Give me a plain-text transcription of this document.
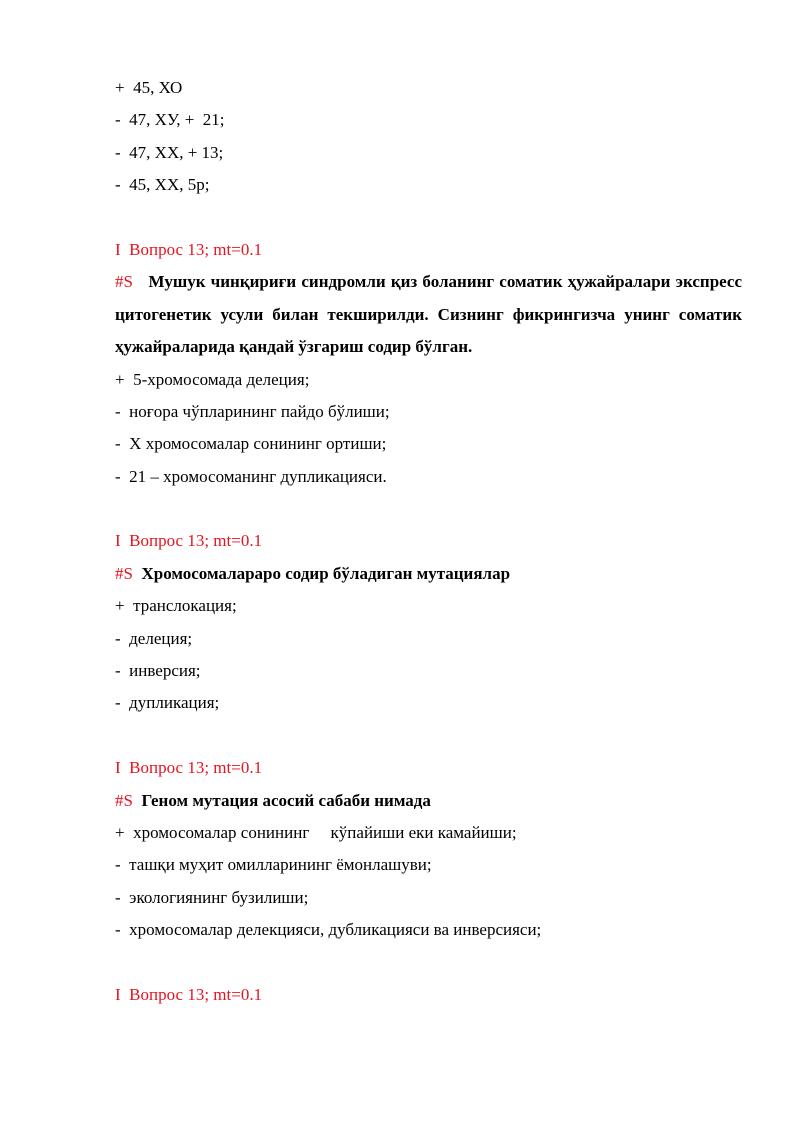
+  45, ХО
-  47, ХУ, +  21;
-  47, ХХ, + 13;
-  45, ХХ, 5р;
I  Вопрос 13; mt=0.1
#S Мушук чинқириғи синдромли қиз боланинг соматик ҳужайралари экспресс цитогенетик усули билан текширилди. Сизнинг фикрингизча унинг соматик ҳужайраларида қандай ўзгариш содир бўлган.
+  5-хромосомада делеция;
-  ноғора чўпларининг пайдо бўлиши;
-  Х хромосомалар сонининг ортиши;
-  21 – хромосоманинг дупликацияси.
I  Вопрос 13; mt=0.1
#S Хромосомалараро содир бўладиган мутациялар
+  транслокация;
-  делеция;
-  инверсия;
-  дупликация;
I  Вопрос 13; mt=0.1
#S Геном мутация асосий сабаби нимада
+  хромосомалар сонининг     кўпайиши еки камайиши;
-  ташқи муҳит омилларининг ёмонлашуви;
-  экологиянинг бузилиши;
-  хромосомалар делекцияси, дубликацияси ва инверсияси;
I  Вопрос 13; mt=0.1
